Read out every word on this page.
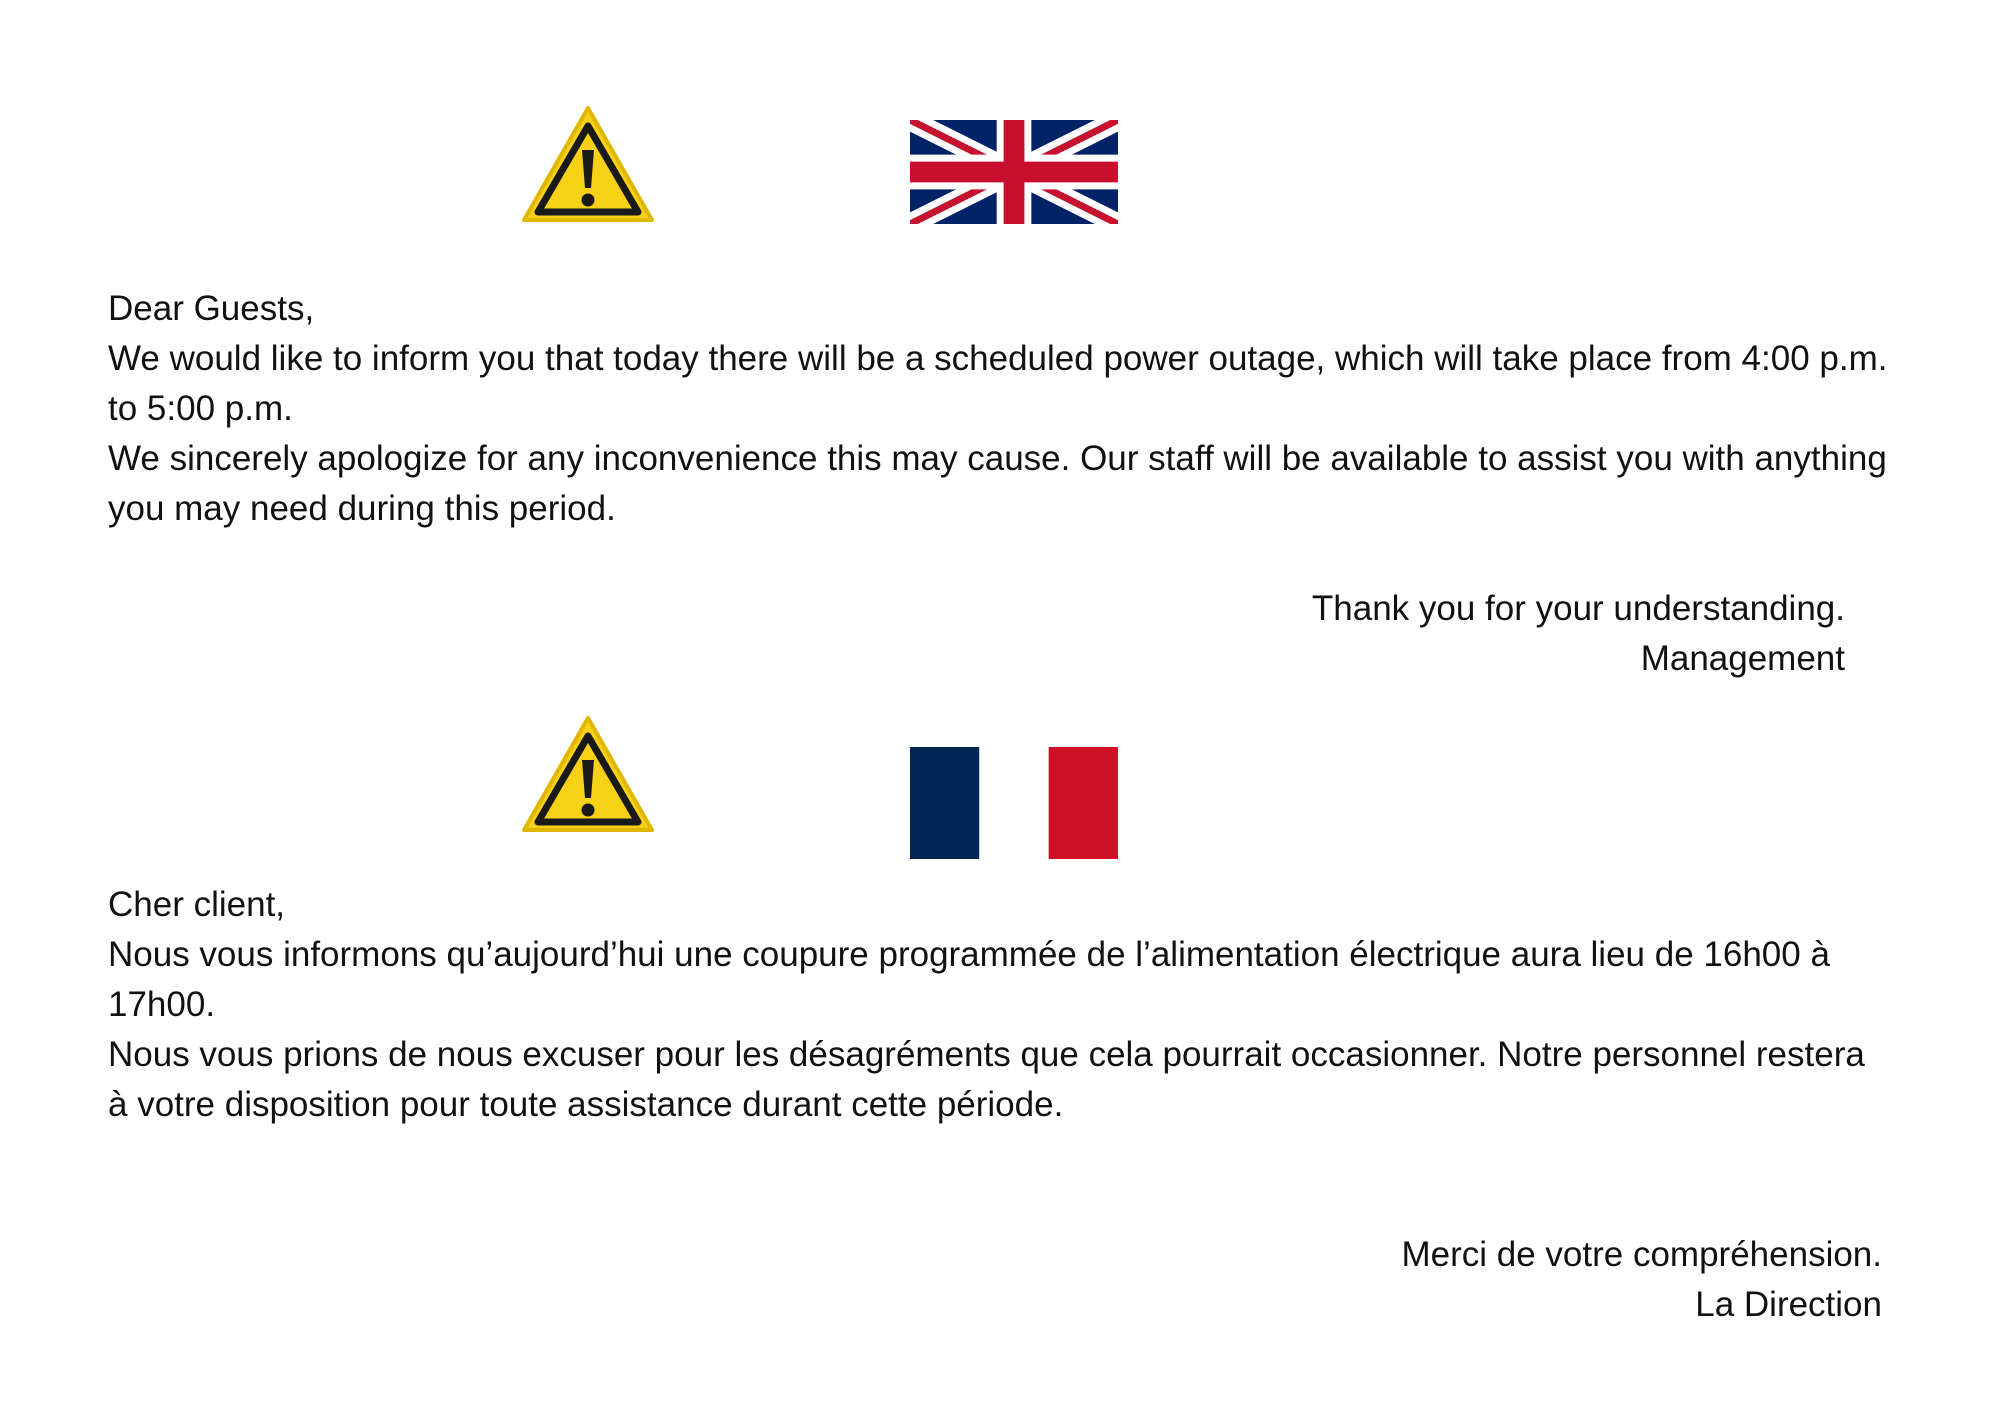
Dear Guests,

We would like to inform you that today there will be a scheduled power outage, which will take place from 4:00 p.m. to 5:00 p.m.

We sincerely apologize for any inconvenience this may cause. Our staff will be available to assist you with anything you may need during this period.

Thank you for your understanding.

Management

Cher client,

Nous vous informons qu’aujourd’hui une coupure programmée de l’alimentation électrique aura lieu de 16h00 à 17h00.

Nous vous prions de nous excuser pour les désagréments que cela pourrait occasionner. Notre personnel restera à votre disposition pour toute assistance durant cette période.

Merci de votre compréhension.

La Direction
